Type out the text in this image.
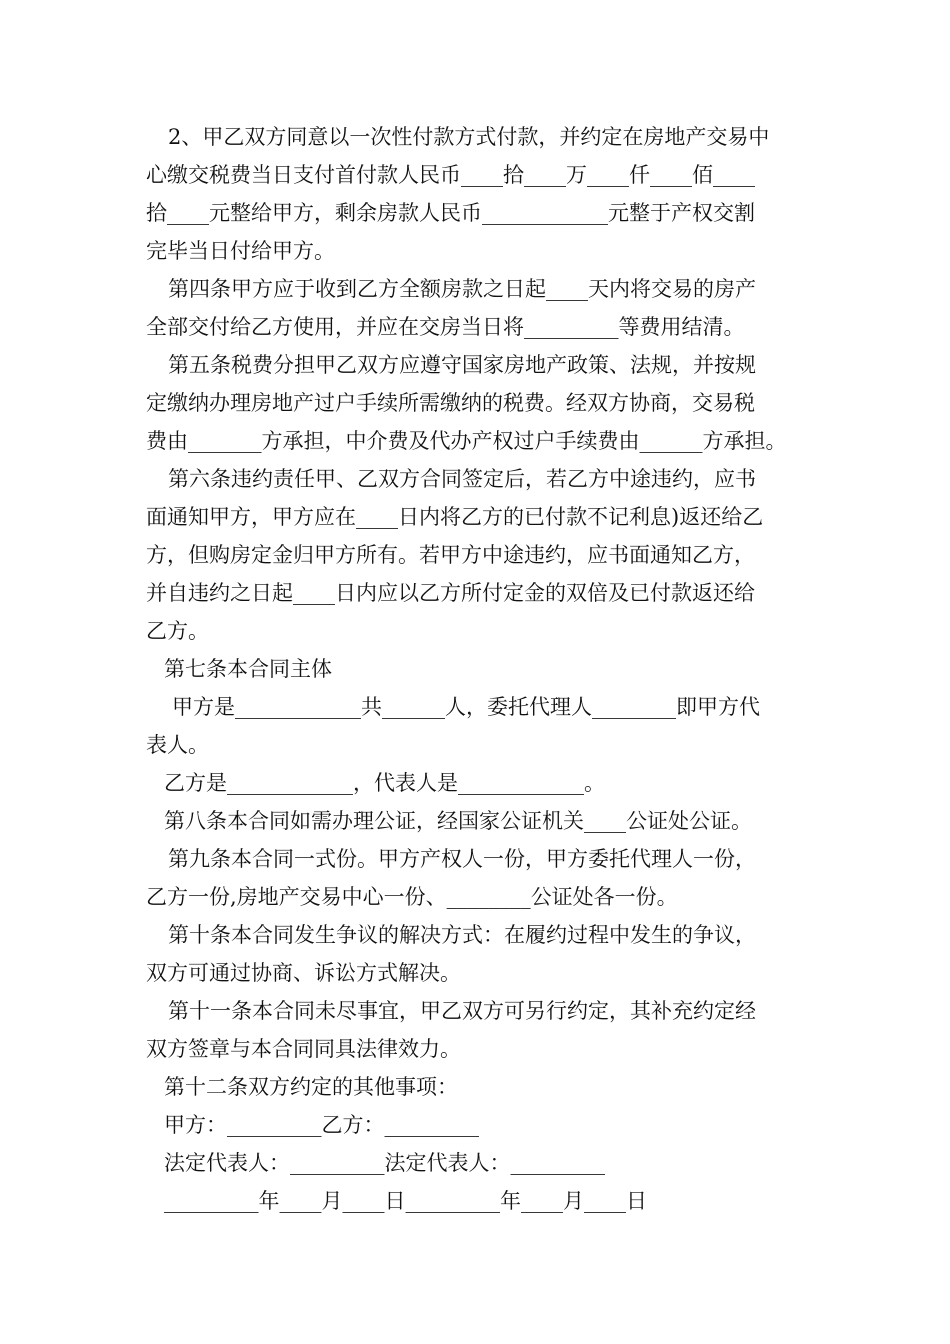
2、甲乙双方同意以一次性付款方式付款，并约定在房地产交易中

心缴交税费当日支付首付款人民币____拾____万____仟____佰____

拾____元整给甲方，剩余房款人民币____________元整于产权交割

完毕当日付给甲方。

第四条甲方应于收到乙方全额房款之日起____天内将交易的房产

全部交付给乙方使用，并应在交房当日将_________等费用结清。

第五条税费分担甲乙双方应遵守国家房地产政策、法规，并按规

定缴纳办理房地产过户手续所需缴纳的税费。经双方协商，交易税

费由_______方承担，中介费及代办产权过户手续费由______方承担。

第六条违约责任甲、乙双方合同签定后，若乙方中途违约，应书

面通知甲方，甲方应在____日内将乙方的已付款不记利息)返还给乙

方，但购房定金归甲方所有。若甲方中途违约，应书面通知乙方，

并自违约之日起____日内应以乙方所付定金的双倍及已付款返还给

乙方。

第七条本合同主体

甲方是____________共______人，委托代理人________即甲方代

表人。

乙方是____________，代表人是____________。

第八条本合同如需办理公证，经国家公证机关____公证处公证。

第九条本合同一式份。甲方产权人一份，甲方委托代理人一份，

乙方一份,房地产交易中心一份、________公证处各一份。

第十条本合同发生争议的解决方式：在履约过程中发生的争议，

双方可通过协商、诉讼方式解决。

第十一条本合同未尽事宜，甲乙双方可另行约定，其补充约定经

双方签章与本合同同具法律效力。

第十二条双方约定的其他事项：

甲方：_________乙方：_________

法定代表人：_________法定代表人：_________

_________年____月____日_________年____月____日
